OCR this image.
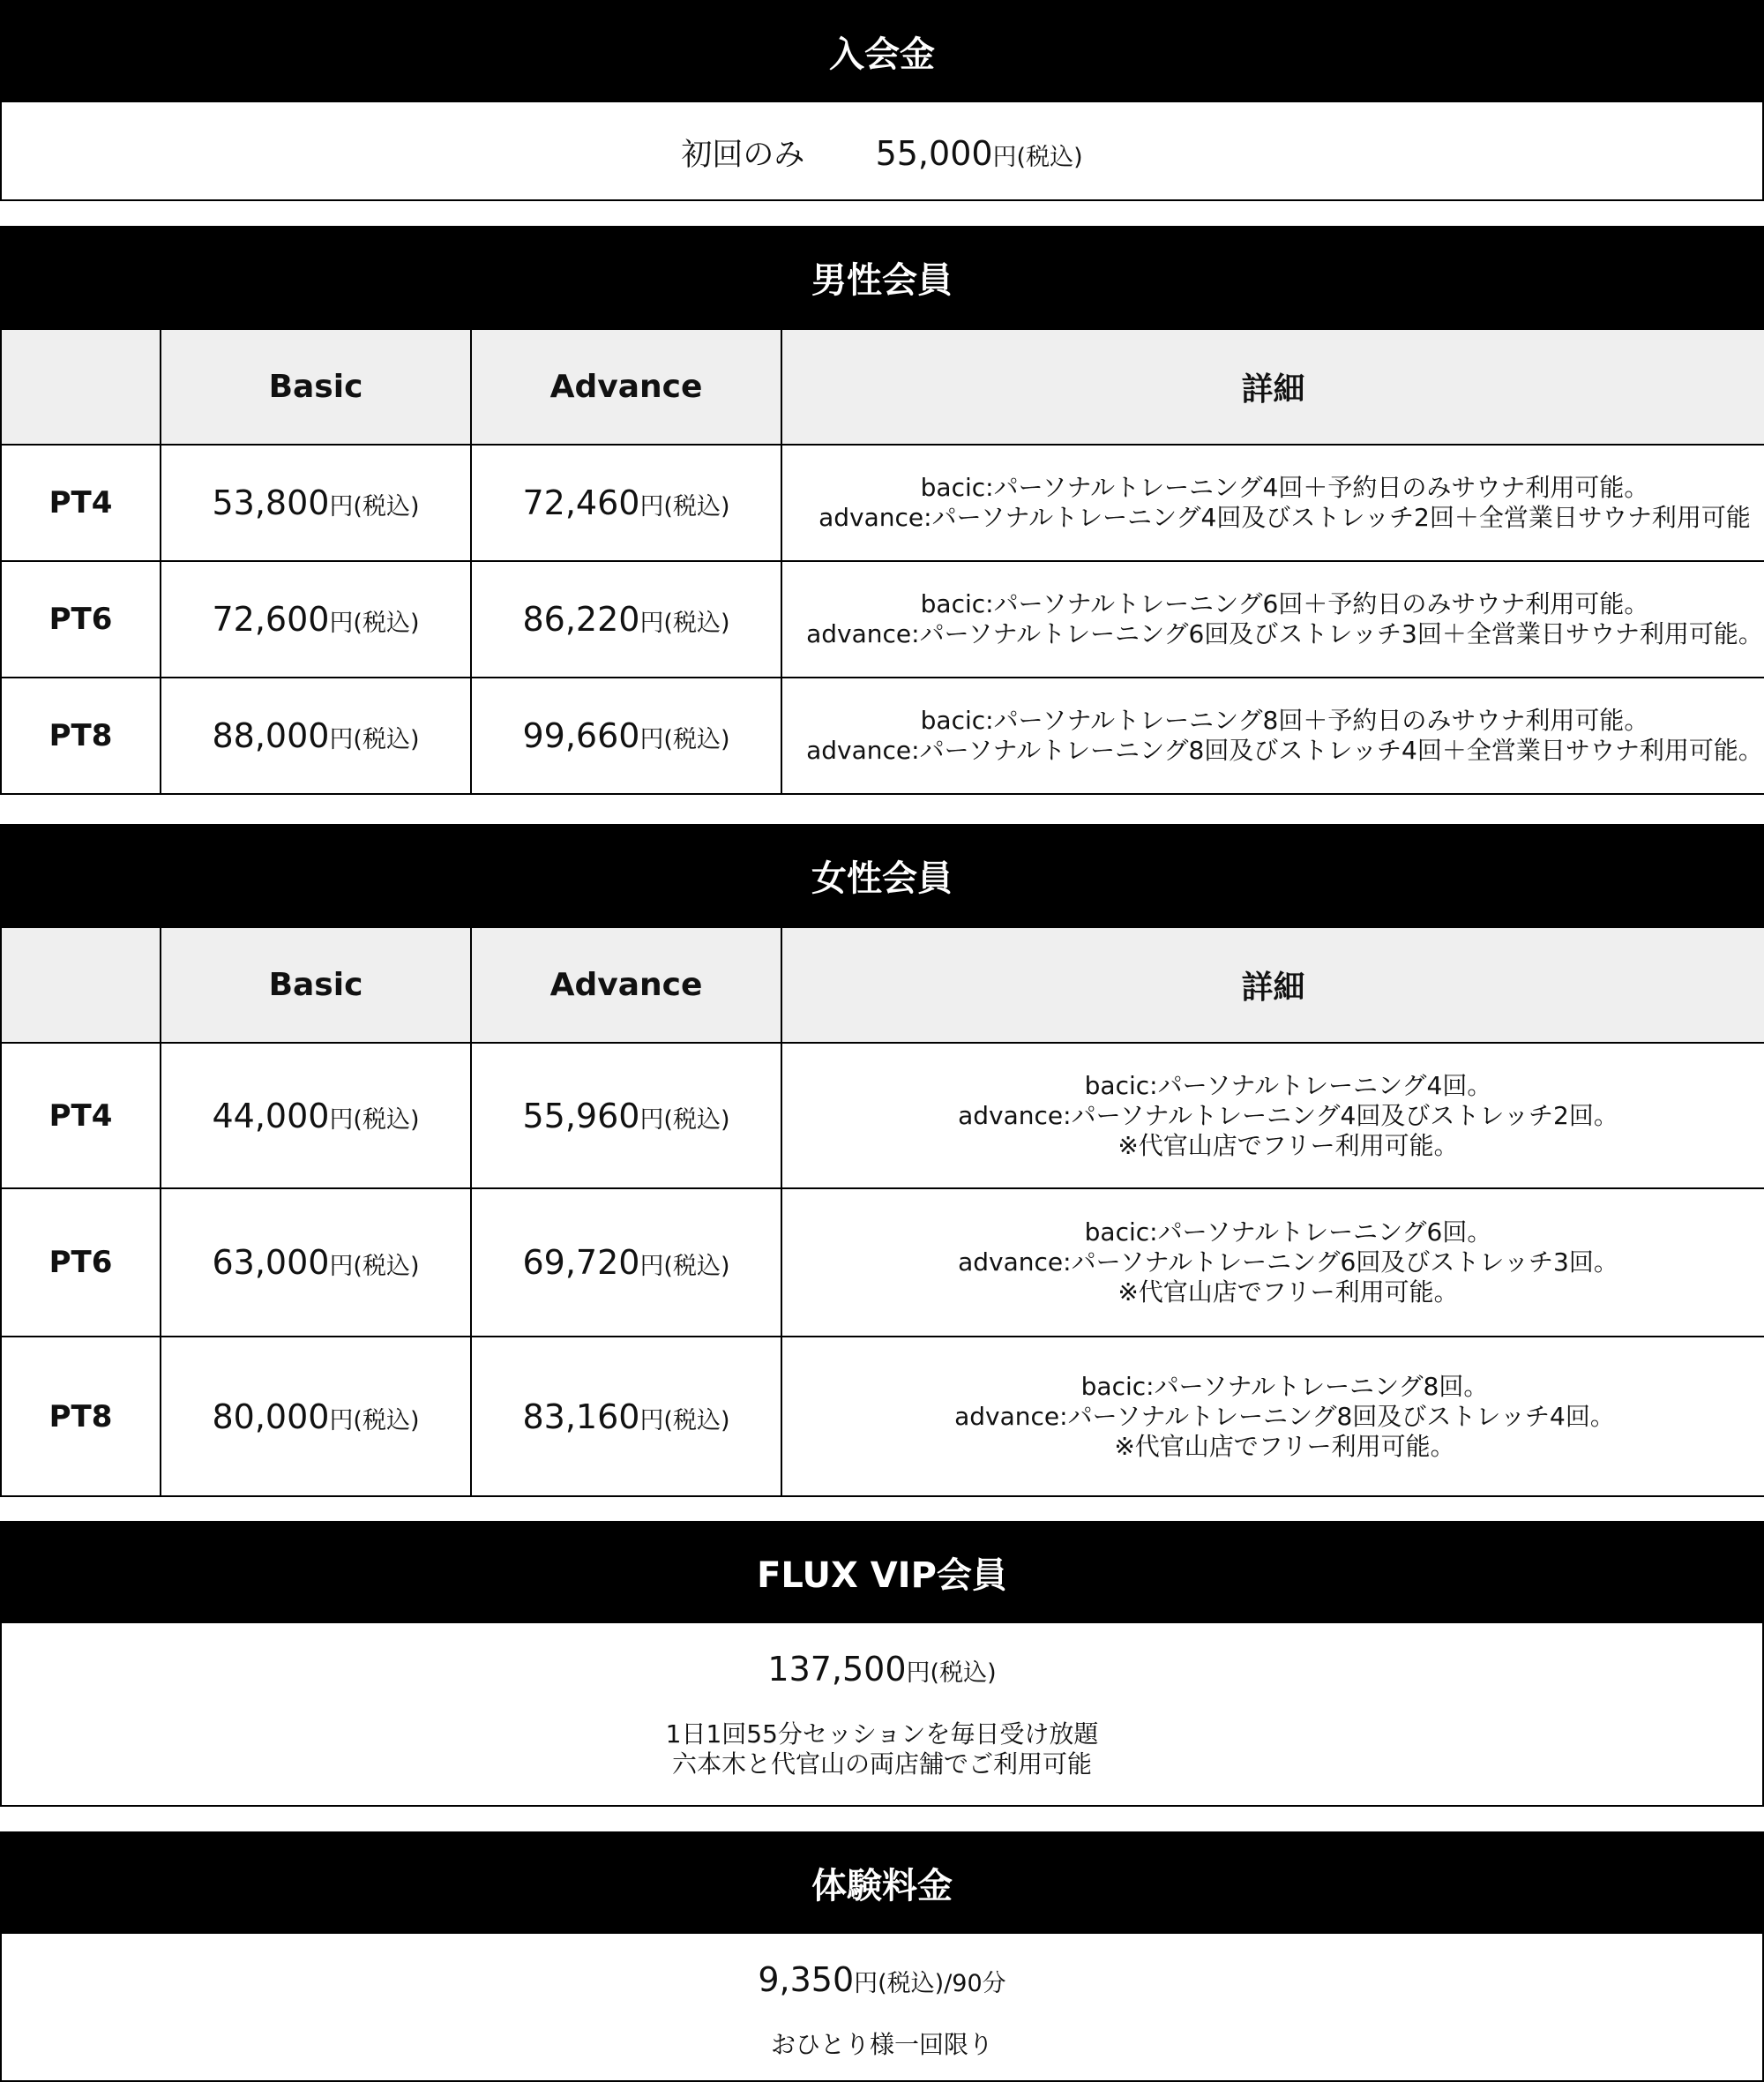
入会金
初回のみ 55,000円(税込)
男性会員
	Basic	Advance	詳細
PT4	53,800円(税込)	72,460円(税込)	bacic:パーソナルトレーニング4回＋予約日のみサウナ利用可能。
advance:パーソナルトレーニング4回及びストレッチ2回＋全営業日サウナ利用可能

PT6	72,600円(税込)	86,220円(税込)	bacic:パーソナルトレーニング6回＋予約日のみサウナ利用可能。
advance:パーソナルトレーニング6回及びストレッチ3回＋全営業日サウナ利用可能。

PT8	88,000円(税込)	99,660円(税込)	bacic:パーソナルトレーニング8回＋予約日のみサウナ利用可能。
advance:パーソナルトレーニング8回及びストレッチ4回＋全営業日サウナ利用可能。
女性会員
	Basic	Advance	詳細
PT4	44,000円(税込)	55,960円(税込)	bacic:パーソナルトレーニング4回。
advance:パーソナルトレーニング4回及びストレッチ2回。
※代官山店でフリー利用可能。

PT6	63,000円(税込)	69,720円(税込)	bacic:パーソナルトレーニング6回。
advance:パーソナルトレーニング6回及びストレッチ3回。
※代官山店でフリー利用可能。

PT8	80,000円(税込)	83,160円(税込)	bacic:パーソナルトレーニング8回。
advance:パーソナルトレーニング8回及びストレッチ4回。
※代官山店でフリー利用可能。
FLUX VIP会員
137,500円(税込)
1日1回55分セッションを毎日受け放題
六本木と代官山の両店舗でご利用可能
体験料金
9,350円(税込)/90分
おひとり様一回限り
